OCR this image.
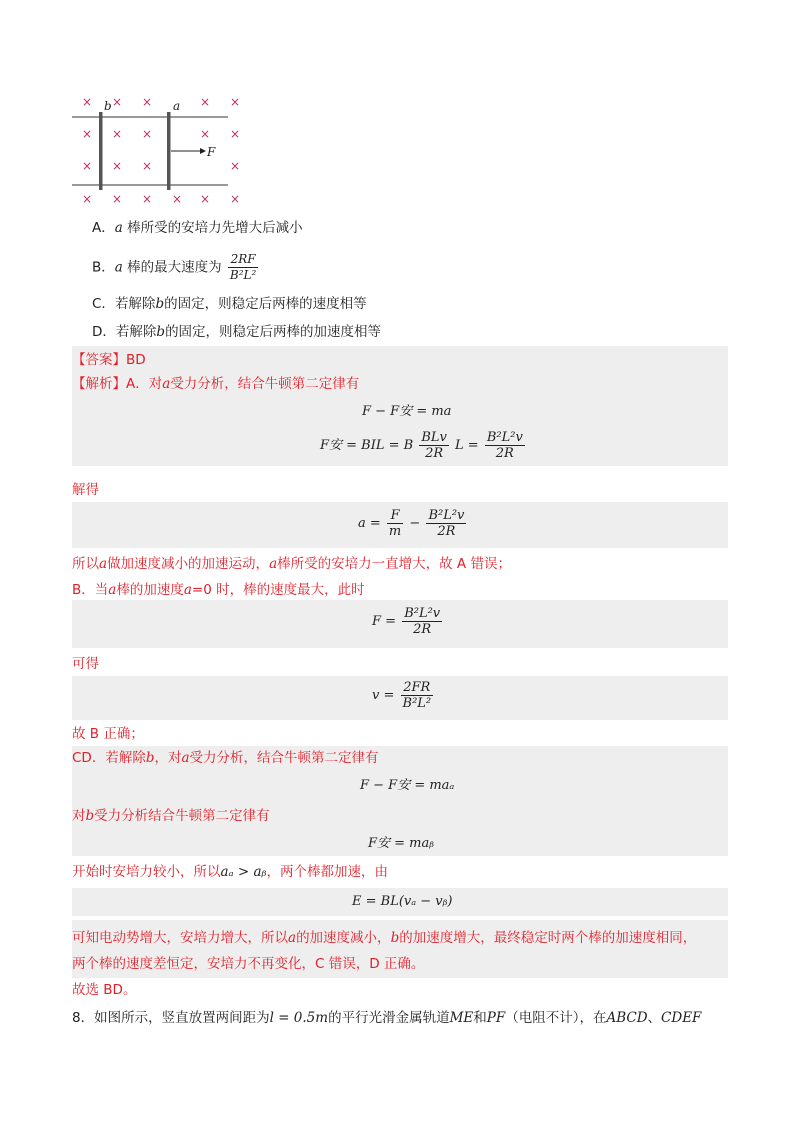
× × ×	× ×
× × ×	× ×
× × ×	×
× × × × × ×
b	a
F
A．a 棒所受的安培力先增大后减小
B．a 棒的最大速度为 $\frac{2RF}{\text{B²L²}}$
C．若解除b的固定，则稳定后两棒的速度相等
D．若解除b的固定，则稳定后两棒的加速度相等
【答案】BD
【解析】A．对a受力分析，结合牛顿第二定律有
F − F安 = ma
F安 = BIL = B $\frac{\text{BLv}}{2R}$ $L = \frac{\text{B²L²v}}{2R}$
解得
$a = \frac{F}{m} - \frac{\text{B²L²v}}{2R}$
所以a做加速度减小的加速运动，a棒所受的安培力一直增大，故 A 错误；
B．当a棒的加速度a=0 时，棒的速度最大，此时
$F = \frac{\text{B²L²v}}{2R}$
可得
$v = \frac{2FR}{\text{B²L²}}$
故 B 正确；
CD．若解除b，对a受力分析，结合牛顿第二定律有
F − F安 = maₐ
对b受力分析结合牛顿第二定律有
F安 = maᵦ
开始时安培力较小，所以aₐ > aᵦ，两个棒都加速，由
E = BL(vₐ − vᵦ)
可知电动势增大，安培力增大，所以a的加速度减小，b的加速度增大，最终稳定时两个棒的加速度相同，
两个棒的速度差恒定，安培力不再变化，C 错误，D 正确。
故选 BD。
8．如图所示，竖直放置两间距为l = 0.5m的平行光滑金属轨道ME和PF（电阻不计），在ABCD、CDEF
